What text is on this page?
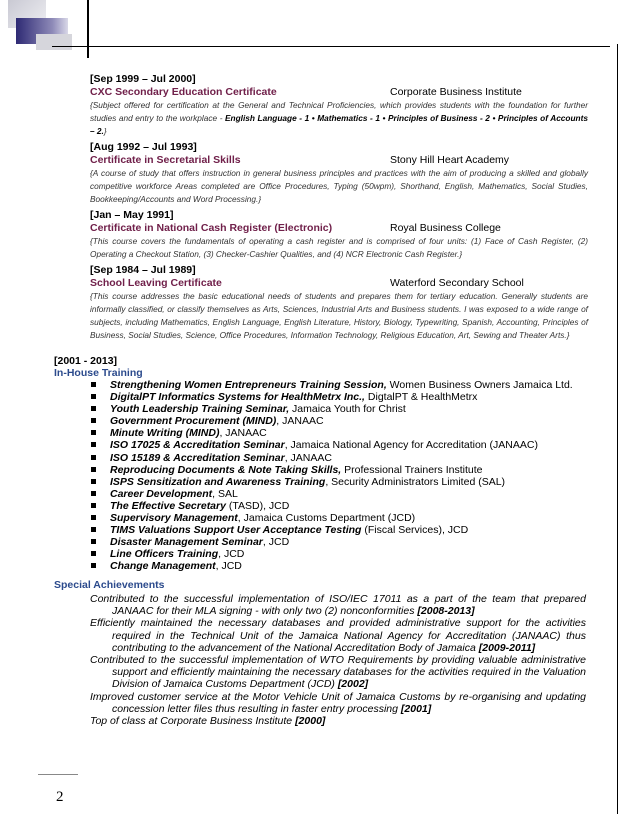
[Sep 1999 – Jul 2000]
CXC Secondary Education Certificate	Corporate Business Institute
{Subject offered for certification at the General and Technical Proficiencies, which provides students with the foundation for further studies and entry to the workplace - English Language - 1 • Mathematics - 1 • Principles of Business - 2 • Principles of Accounts – 2.}
[Aug 1992 – Jul 1993]
Certificate in Secretarial Skills	Stony Hill Heart Academy
{A course of study that offers instruction in general business principles and practices with the aim of producing a skilled and globally competitive workforce Areas completed are Office Procedures, Typing (50wpm), Shorthand, English, Mathematics, Social Studies, Bookkeeping/Accounts and Word Processing.}
[Jan – May 1991]
Certificate in National Cash Register (Electronic)	Royal Business College
{This course covers the fundamentals of operating a cash register and is comprised of four units: (1) Face of Cash Register, (2) Operating a Checkout Station, (3) Checker-Cashier Qualities, and (4) NCR Electronic Cash Register.}
[Sep 1984 – Jul 1989]
School Leaving Certificate	Waterford Secondary School
{This course addresses the basic educational needs of students and prepares them for tertiary education. Generally students are informally classified, or classify themselves as Arts, Sciences, Industrial Arts and Business students. I was exposed to a wide range of subjects, including Mathematics, English Language, English Literature, History, Biology, Typewriting, Spanish, Accounting, Principles of Business, Social Studies, Science, Office Procedures, Information Technology, Religious Education, Art, Sewing and Theater Arts.}
[2001 - 2013]
In-House Training
Strengthening Women Entrepreneurs Training Session, Women Business Owners Jamaica Ltd.
DigitalPT Informatics Systems for HealthMetrx Inc., DigtalPT & HealthMetrx
Youth Leadership Training Seminar, Jamaica Youth for Christ
Government Procurement (MIND), JANAAC
Minute Writing (MIND), JANAAC
ISO 17025 & Accreditation Seminar, Jamaica National Agency for Accreditation (JANAAC)
ISO 15189 & Accreditation Seminar, JANAAC
Reproducing Documents & Note Taking Skills, Professional Trainers Institute
ISPS Sensitization and Awareness Training, Security Administrators Limited (SAL)
Career Development, SAL
The Effective Secretary (TASD), JCD
Supervisory Management, Jamaica Customs Department (JCD)
TIMS Valuations Support User Acceptance Testing (Fiscal Services), JCD
Disaster Management Seminar, JCD
Line Officers Training, JCD
Change Management, JCD
Special Achievements
Contributed to the successful implementation of ISO/IEC 17011 as a part of the team that prepared JANAAC for their MLA signing - with only two (2) nonconformities [2008-2013]
Efficiently maintained the necessary databases and provided administrative support for the activities required in the Technical Unit of the Jamaica National Agency for Accreditation (JANAAC) thus contributing to the advancement of the National Accreditation Body of Jamaica [2009-2011]
Contributed to the successful implementation of WTO Requirements by providing valuable administrative support and efficiently maintaining the necessary databases for the activities required in the Valuation Division of Jamaica Customs Department (JCD) [2002]
Improved customer service at the Motor Vehicle Unit of Jamaica Customs by re-organising and updating concession letter files thus resulting in faster entry processing [2001]
Top of class at Corporate Business Institute [2000]
2
